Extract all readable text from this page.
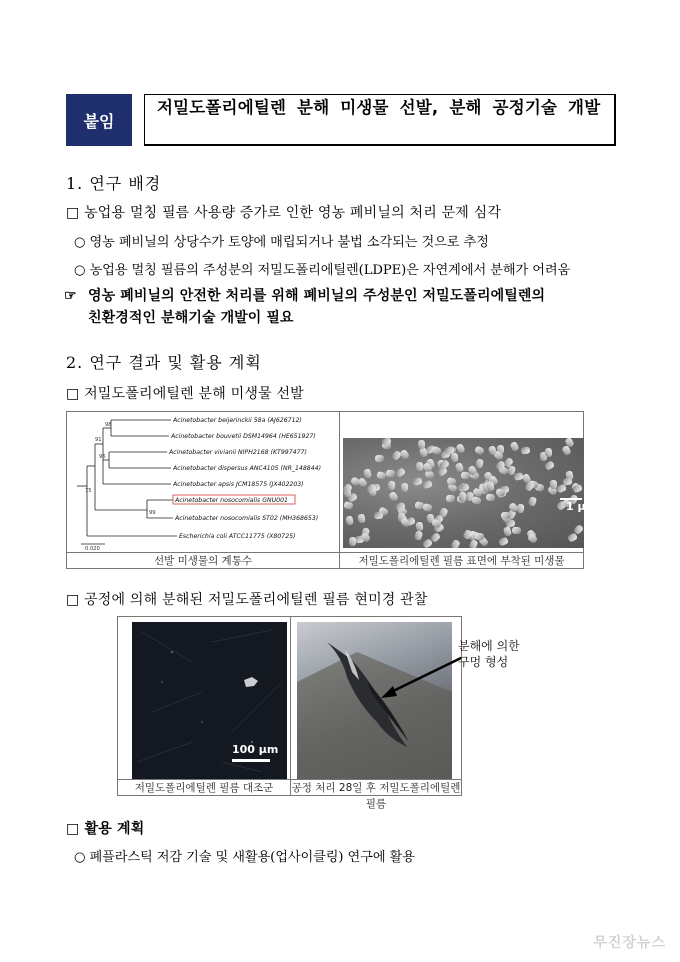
붙임
저밀도폴리에틸렌 분해 미생물 선발, 분해 공정기술 개발
1. 연구 배경
□ 농업용 멀칭 필름 사용량 증가로 인한 영농 폐비닐의 처리 문제 심각
○ 영농 폐비닐의 상당수가 토양에 매립되거나 불법 소각되는 것으로 추정
○ 농업용 멀칭 필름의 주성분의 저밀도폴리에틸렌(LDPE)은 자연계에서 분해가 어려움
☞ 영농 폐비닐의 안전한 처리를 위해 폐비닐의 주성분인 저밀도폴리에틸렌의
친환경적인 분해기술 개발이 필요
2. 연구 결과 및 활용 계획
□ 저밀도폴리에틸렌 분해 미생물 선발
Acinetobacter beijerinckii 58a (AJ626712)
Acinetobacter bouvetii DSM14964 (HE651927)
Acinetobacter vivianii NIPH2168 (KT997477)
Acinetobacter dispersus ANC4105 (NR_148844)
Acinetobacter apsis JCM18575 (JX402203)
Acinetobacter nosocomialis GNU001
Acinetobacter nosocomialis ST02 (MH368653)
Escherichia coli ATCC11775 (X80725)
98
91
96
75
99
0.020
1 μm
선발 미생물의 계통수	저밀도폴리에틸렌 필름 표면에 부착된 미생물
□ 공정에 의해 분해된 저밀도폴리에틸렌 필름 현미경 관찰
100 μm
분해에 의한
구멍 형성
저밀도폴리에틸렌 필름 대조군	공정 처리 28일 후 저밀도폴리에틸렌 필름
□ 활용 계획
○ 폐플라스틱 저감 기술 및 새활용(업사이클링) 연구에 활용
무진장뉴스
